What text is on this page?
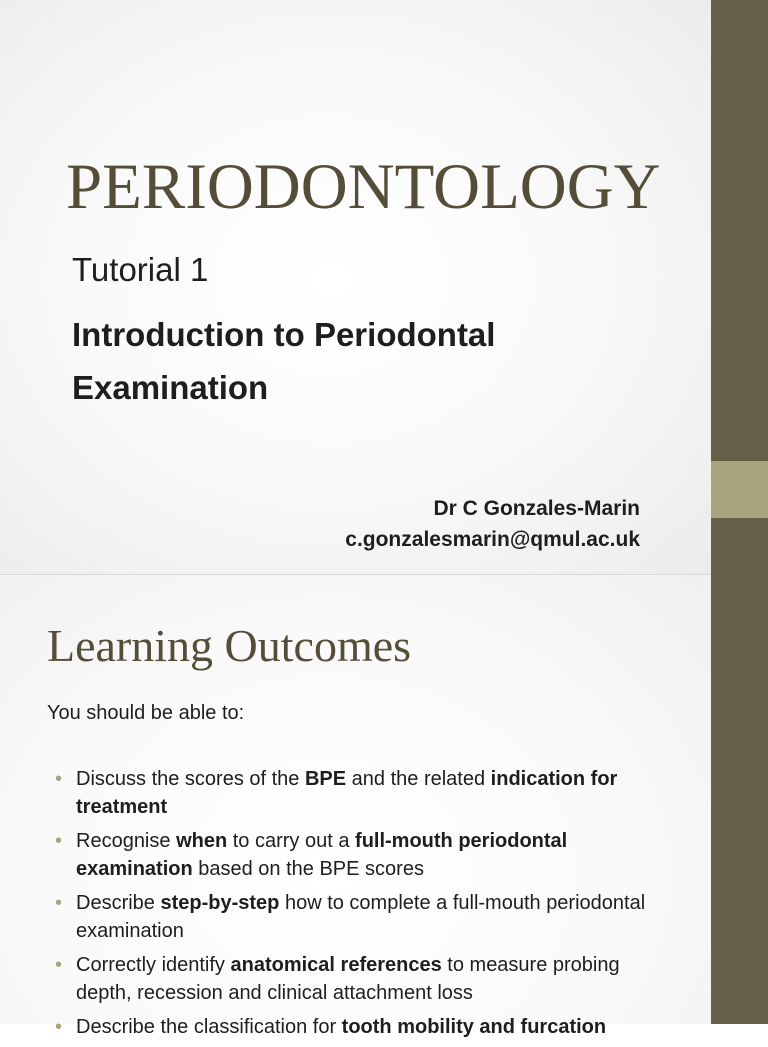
PERIODONTOLOGY
Tutorial 1
Introduction to Periodontal Examination
Dr C Gonzales-Marin
c.gonzalesmarin@qmul.ac.uk
Learning Outcomes
You should be able to:
• Discuss the scores of the BPE and the related indication for treatment
• Recognise when to carry out a full-mouth periodontal examination based on the BPE scores
• Describe step-by-step how to complete a full-mouth periodontal examination
• Correctly identify anatomical references to measure probing depth, recession and clinical attachment loss
• Describe the classification for tooth mobility and furcation
